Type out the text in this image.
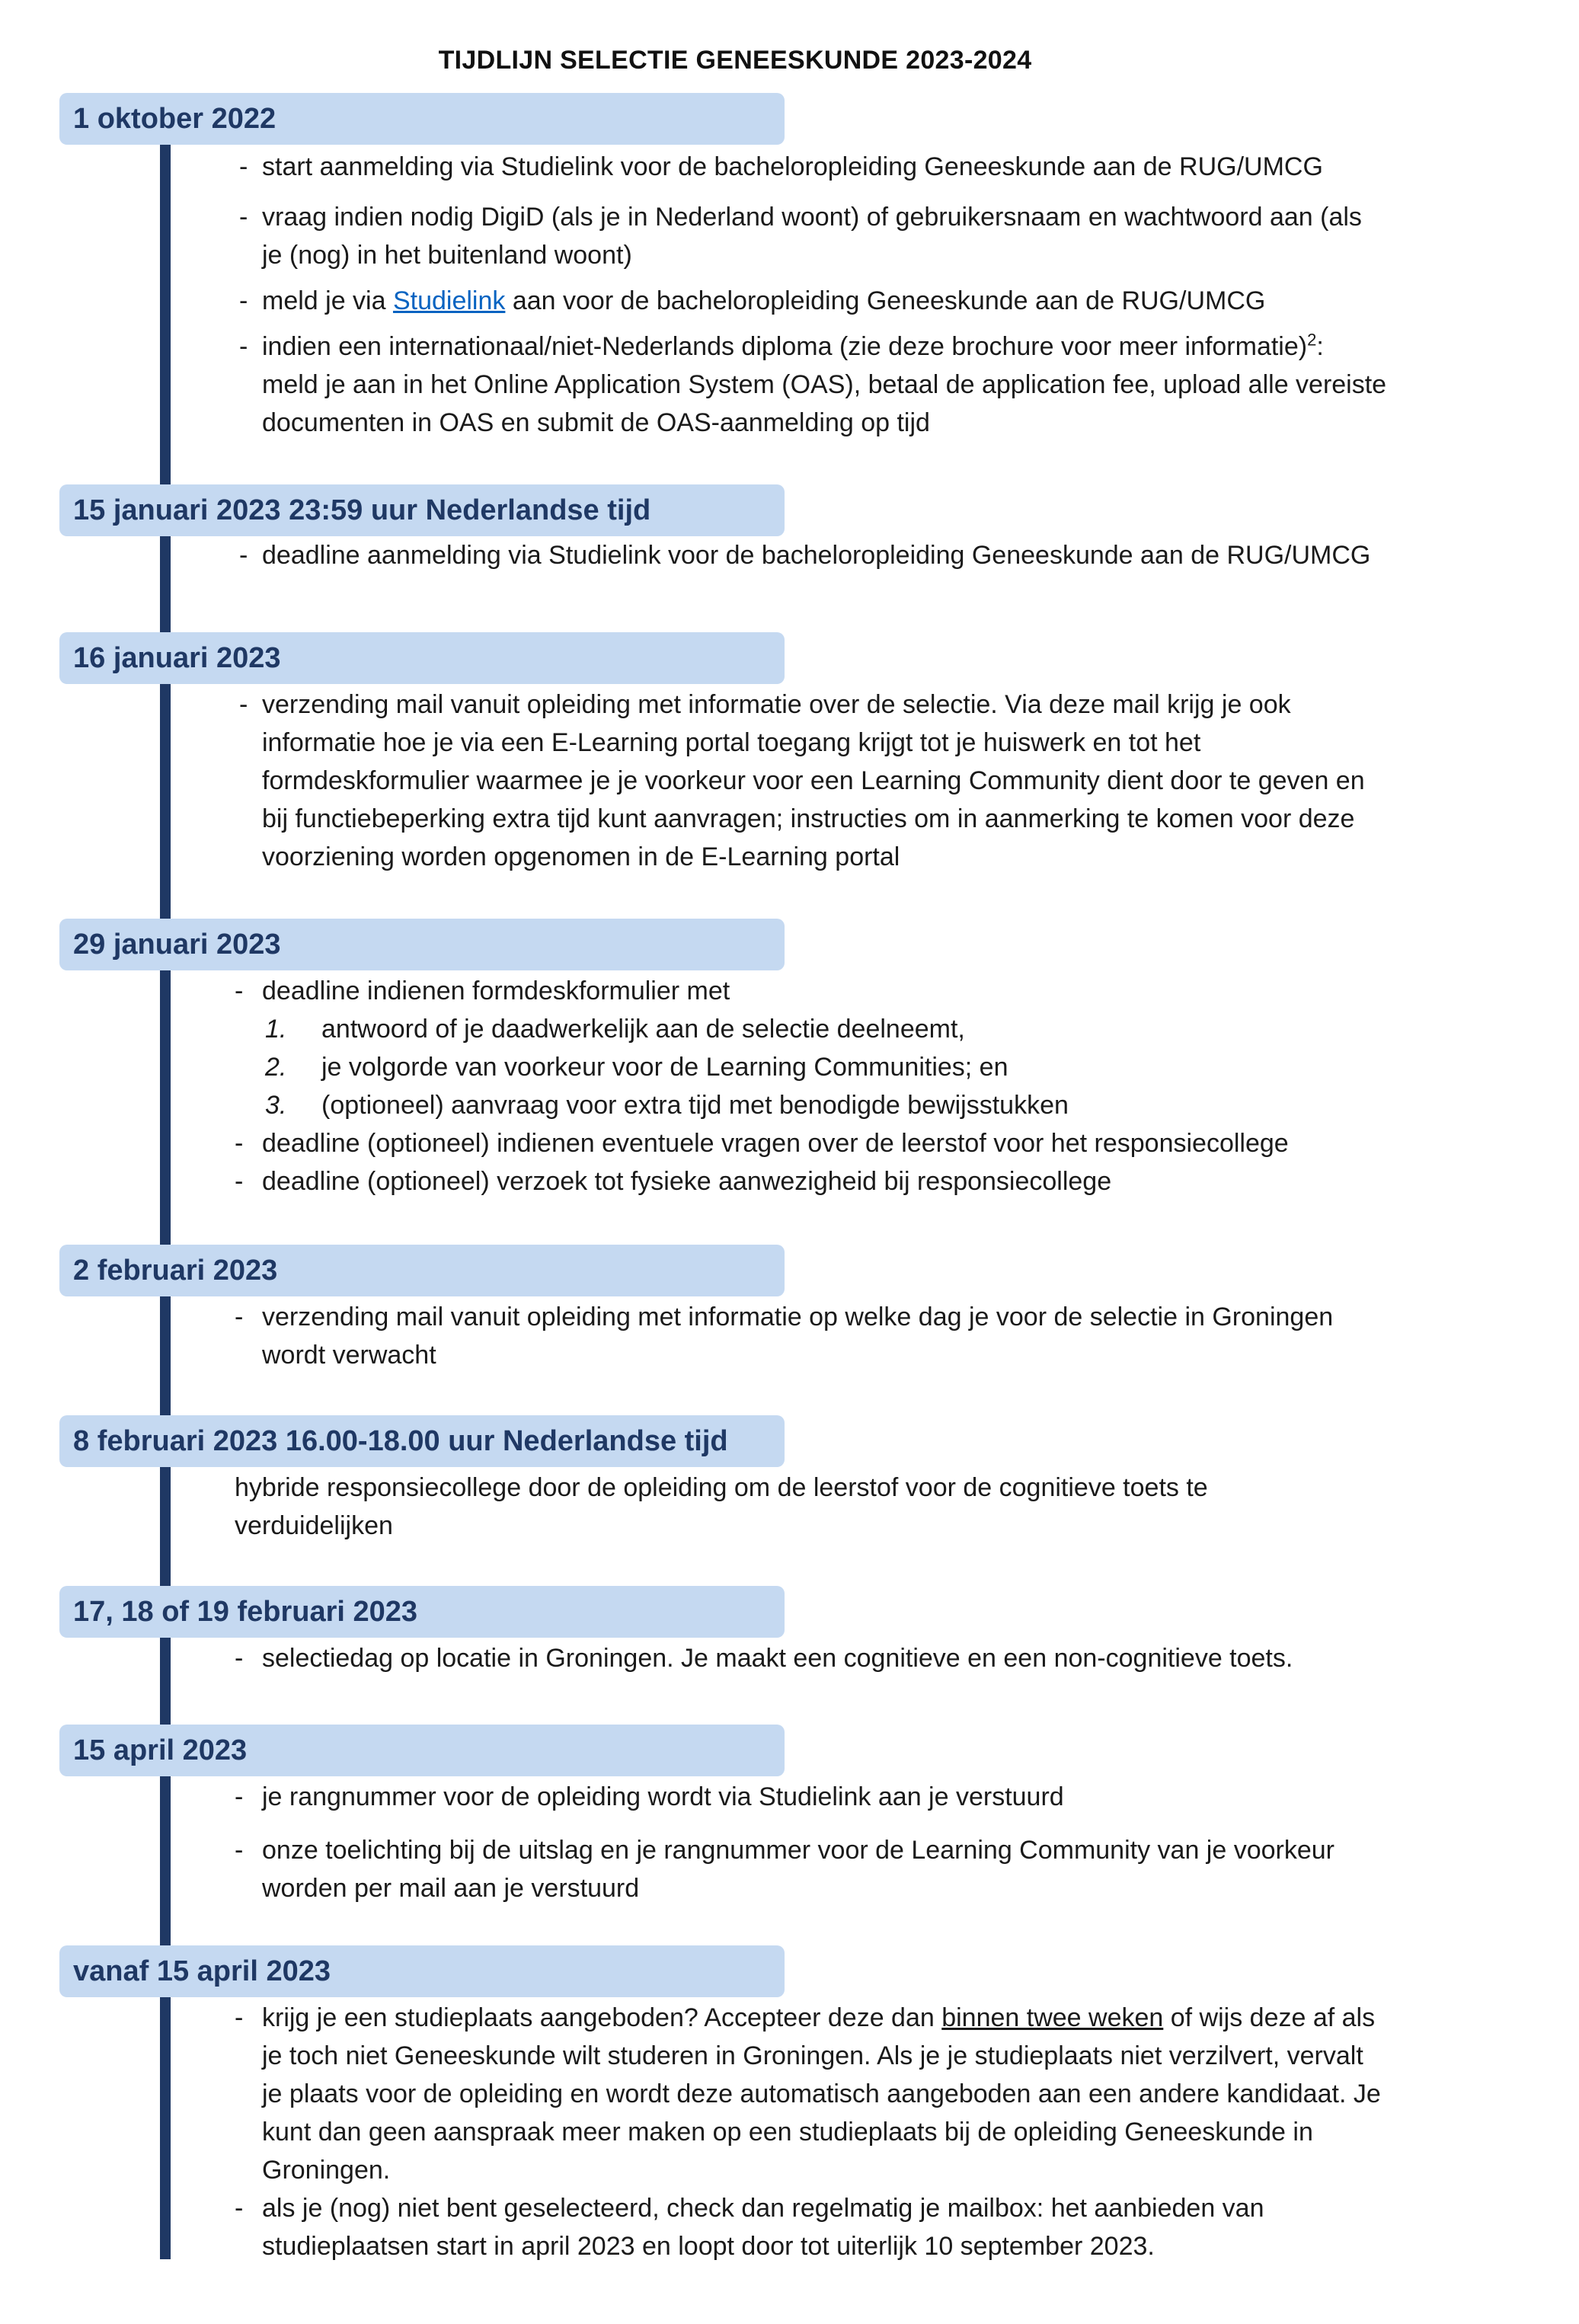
TIJDLIJN SELECTIE GENEESKUNDE 2023-2024
1 oktober 2022
- start aanmelding via Studielink voor de bacheloropleiding Geneeskunde aan de RUG/UMCG
- vraag indien nodig DigiD (als je in Nederland woont) of gebruikersnaam en wachtwoord aan (als
je (nog) in het buitenland woont)
- meld je via Studielink aan voor de bacheloropleiding Geneeskunde aan de RUG/UMCG
- indien een internationaal/niet-Nederlands diploma (zie deze brochure voor meer informatie)$^2$:
meld je aan in het Online Application System (OAS), betaal de application fee, upload alle vereiste
documenten in OAS en submit de OAS-aanmelding op tijd
15 januari 2023 23:59 uur Nederlandse tijd
- deadline aanmelding via Studielink voor de bacheloropleiding Geneeskunde aan de RUG/UMCG
16 januari 2023
- verzending mail vanuit opleiding met informatie over de selectie. Via deze mail krijg je ook
informatie hoe je via een E-Learning portal toegang krijgt tot je huiswerk en tot het
formdeskformulier waarmee je je voorkeur voor een Learning Community dient door te geven en
bij functiebeperking extra tijd kunt aanvragen; instructies om in aanmerking te komen voor deze
voorziening worden opgenomen in de E-Learning portal
29 januari 2023
- deadline indienen formdeskformulier met
1. antwoord of je daadwerkelijk aan de selectie deelneemt,
2. je volgorde van voorkeur voor de Learning Communities; en
3. (optioneel) aanvraag voor extra tijd met benodigde bewijsstukken
- deadline (optioneel) indienen eventuele vragen over de leerstof voor het responsiecollege
- deadline (optioneel) verzoek tot fysieke aanwezigheid bij responsiecollege
2 februari 2023
- verzending mail vanuit opleiding met informatie op welke dag je voor de selectie in Groningen
wordt verwacht
8 februari 2023 16.00-18.00 uur Nederlandse tijd
hybride responsiecollege door de opleiding om de leerstof voor de cognitieve toets te
verduidelijken
17, 18 of 19 februari 2023
- selectiedag op locatie in Groningen. Je maakt een cognitieve en een non-cognitieve toets.
15 april 2023
- je rangnummer voor de opleiding wordt via Studielink aan je verstuurd
- onze toelichting bij de uitslag en je rangnummer voor de Learning Community van je voorkeur
worden per mail aan je verstuurd
vanaf 15 april 2023
- krijg je een studieplaats aangeboden? Accepteer deze dan binnen twee weken of wijs deze af als
je toch niet Geneeskunde wilt studeren in Groningen. Als je je studieplaats niet verzilvert, vervalt
je plaats voor de opleiding en wordt deze automatisch aangeboden aan een andere kandidaat. Je
kunt dan geen aanspraak meer maken op een studieplaats bij de opleiding Geneeskunde in
Groningen.
- als je (nog) niet bent geselecteerd, check dan regelmatig je mailbox: het aanbieden van
studieplaatsen start in april 2023 en loopt door tot uiterlijk 10 september 2023.
